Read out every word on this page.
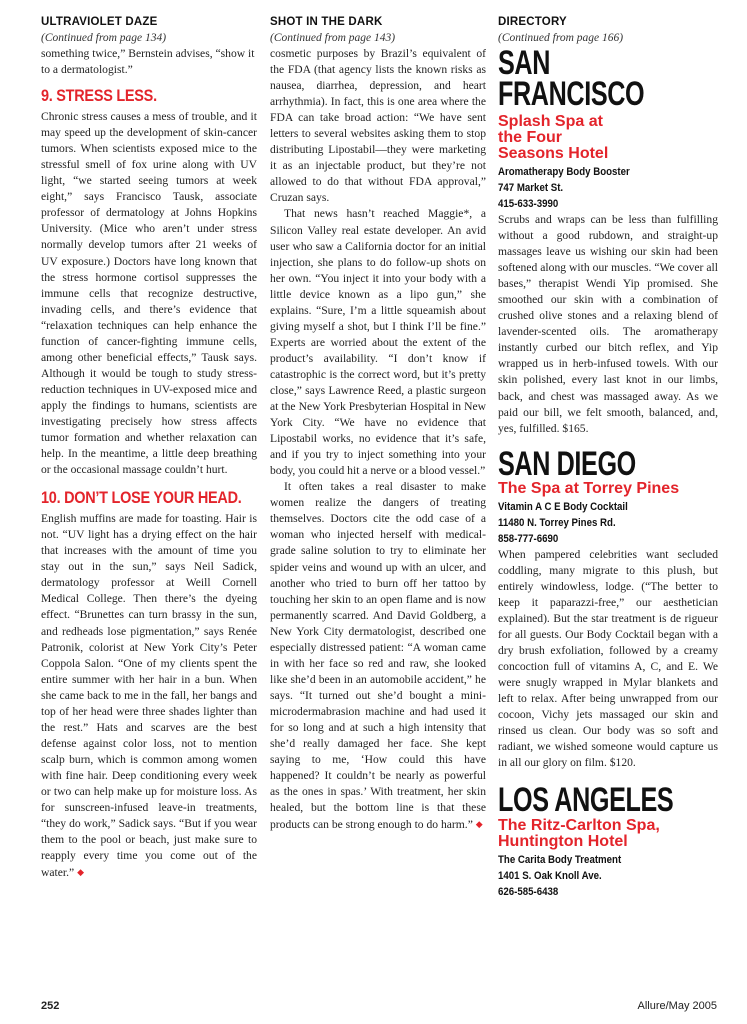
ULTRAVIOLET DAZE
(Continued from page 134)

something twice,” Bernstein advises, “show it to a dermatologist.”

9. STRESS LESS.

Chronic stress causes a mess of trouble, and it may speed up the development of skin-cancer tumors. When scientists exposed mice to the stressful smell of fox urine along with UV light, “we started seeing tumors at week eight,” says Francisco Tausk, associate professor of dermatology at Johns Hopkins University. (Mice who aren’t under stress normally develop tumors after 21 weeks of UV exposure.) Doctors have long known that the stress hormone cortisol suppresses the immune cells that recognize destructive, invading cells, and there’s evidence that “relaxation techniques can help enhance the function of cancer-fighting immune cells, among other beneficial effects,” Tausk says. Although it would be tough to study stress-reduction techniques in UV-exposed mice and apply the findings to humans, scientists are investigating precisely how stress affects tumor formation and whether relaxation can help. In the meantime, a little deep breathing or the occasional massage couldn’t hurt.

10. DON’T LOSE YOUR HEAD.

English muffins are made for toasting. Hair is not. “UV light has a drying effect on the hair that increases with the amount of time you stay out in the sun,” says Neil Sadick, dermatology professor at Weill Cornell Medical College. Then there’s the dyeing effect. “Brunettes can turn brassy in the sun, and redheads lose pigmentation,” says Renée Patronik, colorist at New York City’s Peter Coppola Salon. “One of my clients spent the entire summer with her hair in a bun. When she came back to me in the fall, her bangs and top of her head were three shades lighter than the rest.” Hats and scarves are the best defense against color loss, not to mention scalp burn, which is common among women with fine hair. Deep conditioning every week or two can help make up for moisture loss. As for sunscreen-infused leave-in treatments, “they do work,” Sadick says. “But if you wear them to the pool or beach, just make sure to reapply every time you come out of the water.” ◆

SHOT IN THE DARK
(Continued from page 143)

cosmetic purposes by Brazil’s equivalent of the FDA (that agency lists the known risks as nausea, diarrhea, depression, and heart arrhythmia). In fact, this is one area where the FDA can take broad action: “We have sent letters to several websites asking them to stop distributing Lipostabil—they were marketing it as an injectable product, but they’re not allowed to do that without FDA approval,” Cruzan says.

That news hasn’t reached Maggie*, a Silicon Valley real estate developer. An avid user who saw a California doctor for an initial injection, she plans to do follow-up shots on her own. “You inject it into your body with a little device known as a lipo gun,” she explains. “Sure, I’m a little squeamish about giving myself a shot, but I think I’ll be fine.” Experts are worried about the extent of the product’s availability. “I don’t know if catastrophic is the correct word, but it’s pretty close,” says Lawrence Reed, a plastic surgeon at the New York Presbyterian Hospital in New York City. “We have no evidence that Lipostabil works, no evidence that it’s safe, and if you try to inject something into your body, you could hit a nerve or a blood vessel.”

It often takes a real disaster to make women realize the dangers of treating themselves. Doctors cite the odd case of a woman who injected herself with medical-grade saline solution to try to eliminate her spider veins and wound up with an ulcer, and another who tried to burn off her tattoo by touching her skin to an open flame and is now permanently scarred. And David Goldberg, a New York City dermatologist, described one especially distressed patient: “A woman came in with her face so red and raw, she looked like she’d been in an automobile accident,” he says. “It turned out she’d bought a mini-microdermabrasion machine and had used it for so long and at such a high intensity that she’d really damaged her face. She kept saying to me, ‘How could this have happened? It couldn’t be nearly as powerful as the ones in spas.’ With treatment, her skin healed, but the bottom line is that these products can be strong enough to do harm.” ◆

DIRECTORY
(Continued from page 166)
SAN
FRANCISCO
Splash Spa at the Four Seasons Hotel
Aromatherapy Body Booster
747 Market St.
415-633-3990

Scrubs and wraps can be less than fulfilling without a good rubdown, and straight-up massages leave us wishing our skin had been softened along with our muscles. “We cover all bases,” therapist Wendi Yip promised. She smoothed our skin with a combination of crushed olive stones and a relaxing blend of lavender-scented oils. The aromatherapy instantly curbed our bitch reflex, and Yip wrapped us in herb-infused towels. With our skin polished, every last knot in our limbs, back, and chest was massaged away. As we paid our bill, we felt smooth, balanced, and, yes, fulfilled. $165.

SAN DIEGO
The Spa at Torrey Pines
Vitamin A C E Body Cocktail
11480 N. Torrey Pines Rd.
858-777-6690

When pampered celebrities want secluded coddling, many migrate to this plush, but entirely windowless, lodge. (“The better to keep it paparazzi-free,” our aesthetician explained). But the star treatment is de rigueur for all guests. Our Body Cocktail began with a dry brush exfoliation, followed by a creamy concoction full of vitamins A, C, and E. We were snugly wrapped in Mylar blankets and left to relax. After being unwrapped from our cocoon, Vichy jets massaged our skin and rinsed us clean. Our body was so soft and radiant, we wished someone would capture us in all our glory on film. $120.

LOS ANGELES
The Ritz-Carlton Spa, Huntington Hotel
The Carita Body Treatment
1401 S. Oak Knoll Ave.
626-585-6438
252	Allure/May 2005
